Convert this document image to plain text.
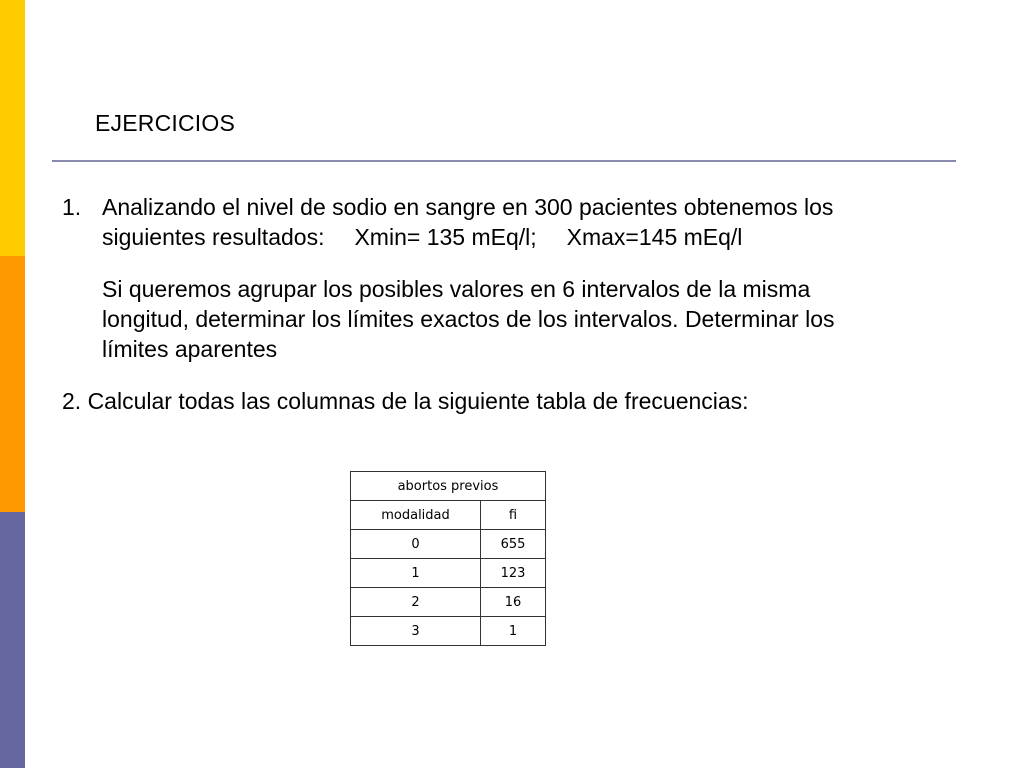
EJERCICIOS
1. Analizando el nivel de sodio en sangre en 300 pacientes obtenemos los
siguientes resultados: Xmin= 135 mEq/l; Xmax=145 mEq/l
Si queremos agrupar los posibles valores en 6 intervalos de la misma
longitud, determinar los límites exactos de los intervalos. Determinar los
límites aparentes
2. Calcular todas las columnas de la siguiente tabla de frecuencias:
abortos previos	
modalidad	fi
0	655
1	123
2	16
3	1
